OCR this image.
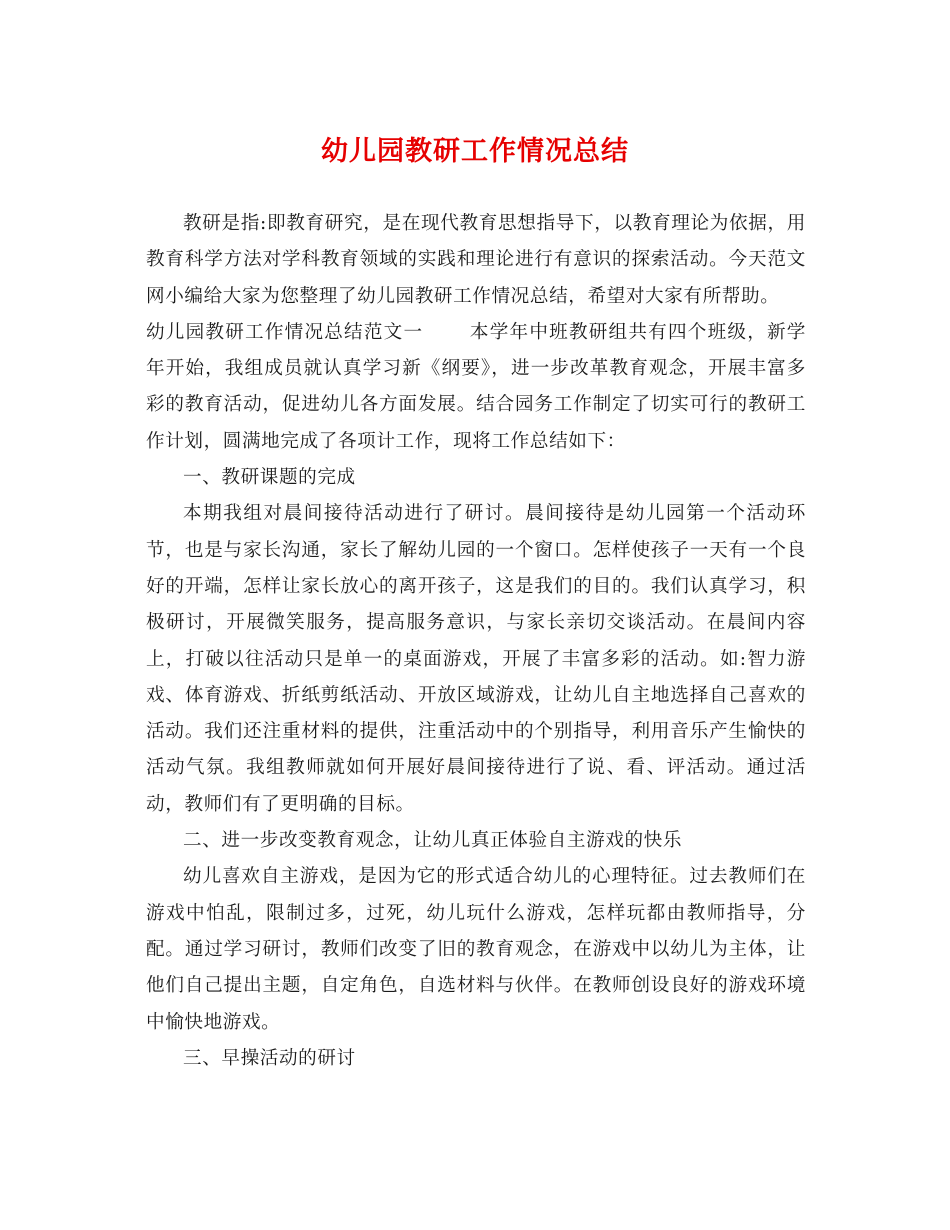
幼儿园教研工作情况总结

教研是指:即教育研究，是在现代教育思想指导下，以教育理论为依据，用教育科学方法对学科教育领域的实践和理论进行有意识的探索活动。今天范文网小编给大家为您整理了幼儿园教研工作情况总结，希望对大家有所帮助。

幼儿园教研工作情况总结范文一 本学年中班教研组共有四个班级，新学年开始，我组成员就认真学习新《纲要》，进一步改革教育观念，开展丰富多彩的教育活动，促进幼儿各方面发展。结合园务工作制定了切实可行的教研工作计划，圆满地完成了各项计工作，现将工作总结如下：

一、教研课题的完成

本期我组对晨间接待活动进行了研讨。晨间接待是幼儿园第一个活动环节，也是与家长沟通，家长了解幼儿园的一个窗口。怎样使孩子一天有一个良好的开端，怎样让家长放心的离开孩子，这是我们的目的。我们认真学习，积极研讨，开展微笑服务，提高服务意识，与家长亲切交谈活动。在晨间内容上，打破以往活动只是单一的桌面游戏，开展了丰富多彩的活动。如:智力游戏、体育游戏、折纸剪纸活动、开放区域游戏，让幼儿自主地选择自己喜欢的活动。我们还注重材料的提供，注重活动中的个别指导，利用音乐产生愉快的活动气氛。我组教师就如何开展好晨间接待进行了说、看、评活动。通过活动，教师们有了更明确的目标。

二、进一步改变教育观念，让幼儿真正体验自主游戏的快乐

幼儿喜欢自主游戏，是因为它的形式适合幼儿的心理特征。过去教师们在游戏中怕乱，限制过多，过死，幼儿玩什么游戏，怎样玩都由教师指导，分配。通过学习研讨，教师们改变了旧的教育观念，在游戏中以幼儿为主体，让他们自己提出主题，自定角色，自选材料与伙伴。在教师创设良好的游戏环境中愉快地游戏。

三、早操活动的研讨
